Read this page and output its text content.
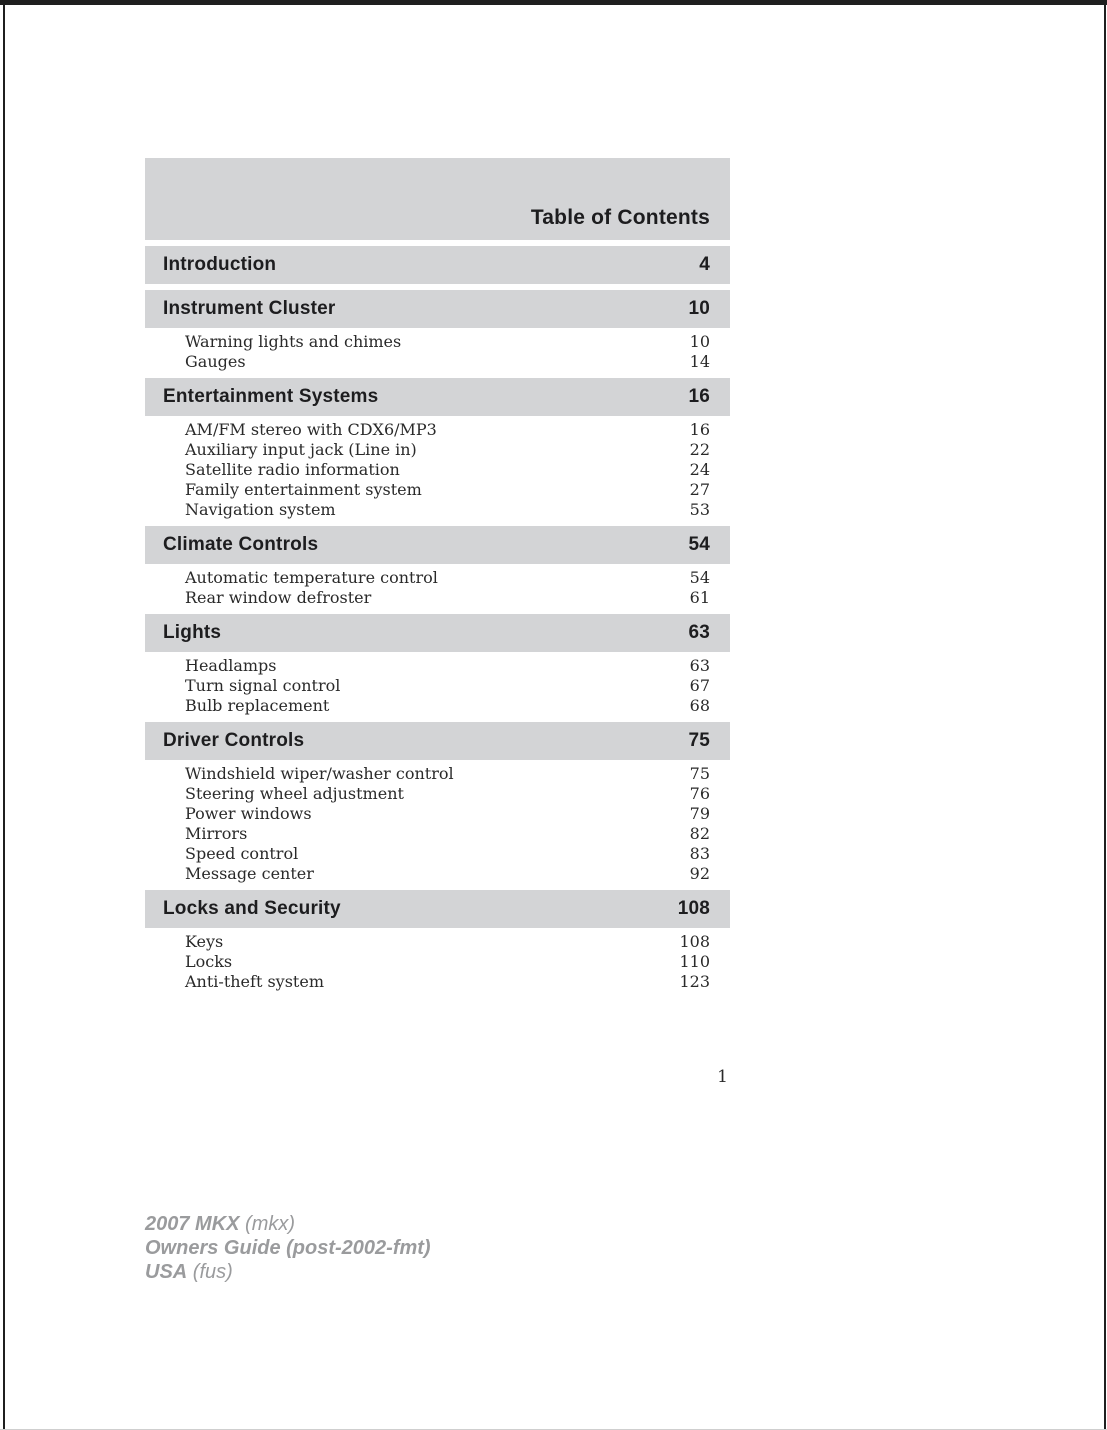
Table of Contents
Introduction	4
Instrument Cluster	10
Warning lights and chimes	10
Gauges	14
Entertainment Systems	16
AM/FM stereo with CDX6/MP3	16
Auxiliary input jack (Line in)	22
Satellite radio information	24
Family entertainment system	27
Navigation system	53
Climate Controls	54
Automatic temperature control	54
Rear window defroster	61
Lights	63
Headlamps	63
Turn signal control	67
Bulb replacement	68
Driver Controls	75
Windshield wiper/washer control	75
Steering wheel adjustment	76
Power windows	79
Mirrors	82
Speed control	83
Message center	92
Locks and Security	108
Keys	108
Locks	110
Anti-theft system	123
1
2007 MKX (mkx)
Owners Guide (post-2002-fmt)
USA (fus)
